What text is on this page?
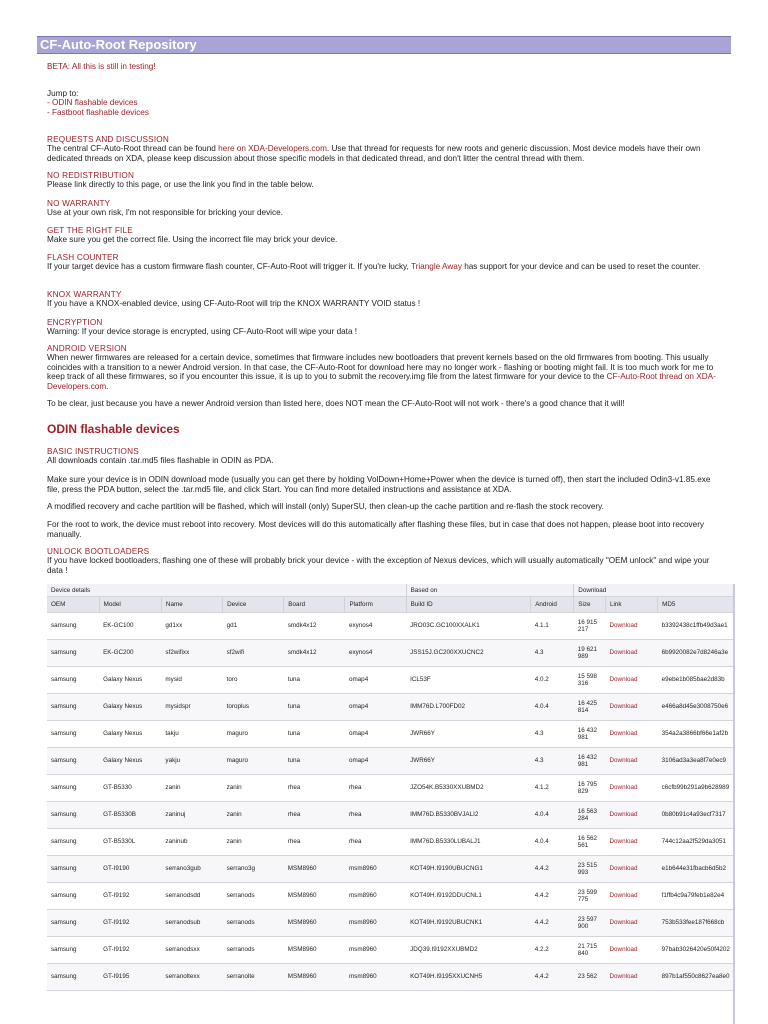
CF-Auto-Root Repository
BETA: All this is still in testing!
Jump to:
- ODIN flashable devices
- Fastboot flashable devices
REQUESTS AND DISCUSSION
The central CF-Auto-Root thread can be found here on XDA-Developers.com. Use that thread for requests for new roots and generic discussion. Most device models have their own dedicated threads on XDA, please keep discussion about those specific models in that dedicated thread, and don't litter the central thread with them.
NO REDISTRIBUTION
Please link directly to this page, or use the link you find in the table below.
NO WARRANTY
Use at your own risk, I'm not responsible for bricking your device.
GET THE RIGHT FILE
Make sure you get the correct file. Using the incorrect file may brick your device.
FLASH COUNTER
If your target device has a custom firmware flash counter, CF-Auto-Root will trigger it. If you're lucky, Triangle Away has support for your device and can be used to reset the counter.
KNOX WARRANTY
If you have a KNOX-enabled device, using CF-Auto-Root will trip the KNOX WARRANTY VOID status !
ENCRYPTION
Warning: If your device storage is encrypted, using CF-Auto-Root will wipe your data !
ANDROID VERSION
When newer firmwares are released for a certain device, sometimes that firmware includes new bootloaders that prevent kernels based on the old firmwares from booting. This usually coincides with a transition to a newer Android version. In that case, the CF-Auto-Root for download here may no longer work - flashing or booting might fail. It is too much work for me to keep track of all these firmwares, so if you encounter this issue, it is up to you to submit the recovery.img file from the latest firmware for your device to the CF-Auto-Root thread on XDA-Developers.com.
To be clear, just because you have a newer Android version than listed here, does NOT mean the CF-Auto-Root will not work - there's a good chance that it will!
ODIN flashable devices
BASIC INSTRUCTIONS
All downloads contain .tar.md5 files flashable in ODIN as PDA.
Make sure your device is in ODIN download mode (usually you can get there by holding VolDown+Home+Power when the device is turned off), then start the included Odin3-v1.85.exe file, press the PDA button, select the .tar.md5 file, and click Start. You can find more detailed instructions and assistance at XDA.
A modified recovery and cache partition will be flashed, which will install (only) SuperSU, then clean-up the cache partition and re-flash the stock recovery.
For the root to work, the device must reboot into recovery. Most devices will do this automatically after flashing these files, but in case that does not happen, please boot into recovery manually.
UNLOCK BOOTLOADERS
If you have locked bootloaders, flashing one of these will probably brick your device - with the exception of Nexus devices, which will usually automatically "OEM unlock" and wipe your data !
Device details						Based on		Download		
OEM	Model	Name	Device	Board	Platform	Build ID	Android	Size	Link	MD5
samsung	EK-GC100	gd1xx	gd1	smdk4x12	exynos4	JRO03C.GC100XXALK1	4.1.1	16 915 217	Download	b3392438c1ffb49d3ae1
samsung	EK-GC200	sf2wifixx	sf2wifi	smdk4x12	exynos4	JSS15J.GC200XXUCNC2	4.3	19 621 989	Download	6b9920082e7d8246a3e
samsung	Galaxy Nexus	mysid	toro	tuna	omap4	ICL53F	4.0.2	15 598 316	Download	e9ebe1b085bae2d83b
samsung	Galaxy Nexus	mysidspr	toroplus	tuna	omap4	IMM76D.L700FD02	4.0.4	16 425 814	Download	e466a8d45e3008750e6
samsung	Galaxy Nexus	takju	maguro	tuna	omap4	JWR66Y	4.3	16 432 981	Download	354a2a3866bf66e1af2b
samsung	Galaxy Nexus	yakju	maguro	tuna	omap4	JWR66Y	4.3	16 432 981	Download	3106ad3a3ea8f7e0ec9
samsung	GT-B5330	zanin	zanin	rhea	rhea	JZO54K.B5330XXUBMD2	4.1.2	16 795 829	Download	c6cfb99b291a9b628989
samsung	GT-B5330B	zaninuj	zanin	rhea	rhea	IMM76D.B5330BVJALI2	4.0.4	16 563 284	Download	0b80b91c4a93ecf7317
samsung	GT-B5330L	zaninub	zanin	rhea	rhea	IMM76D.B5330LUBALJ1	4.0.4	16 562 561	Download	744c12aa2f529da3051
samsung	GT-I9190	serrano3gub	serrano3g	MSM8960	msm8960	KOT49H.I9190UBUCNG1	4.4.2	23 515 993	Download	e1b644e31fbacb6d5b2
samsung	GT-I9192	serranodsdd	serranods	MSM8960	msm8960	KOT49H.I9192DDUCNL1	4.4.2	23 599 775	Download	f1ffb4c9a79feb1e82e4
samsung	GT-I9192	serranodsub	serranods	MSM8960	msm8960	KOT49H.I9192UBUCNK1	4.4.2	23 597 900	Download	753b533fee187f668cb
samsung	GT-I9192	serranodsxx	serranods	MSM8960	msm8960	JDQ39.I9192XXUBMD2	4.2.2	21 715 840	Download	97bab3026420e50f4202
samsung	GT-I9195	serranoltexx	serranolte	MSM8960	msm8960	KOT49H.I9195XXUCNH5	4.4.2	23 562	Download	897b1af550c8627ea8e0
